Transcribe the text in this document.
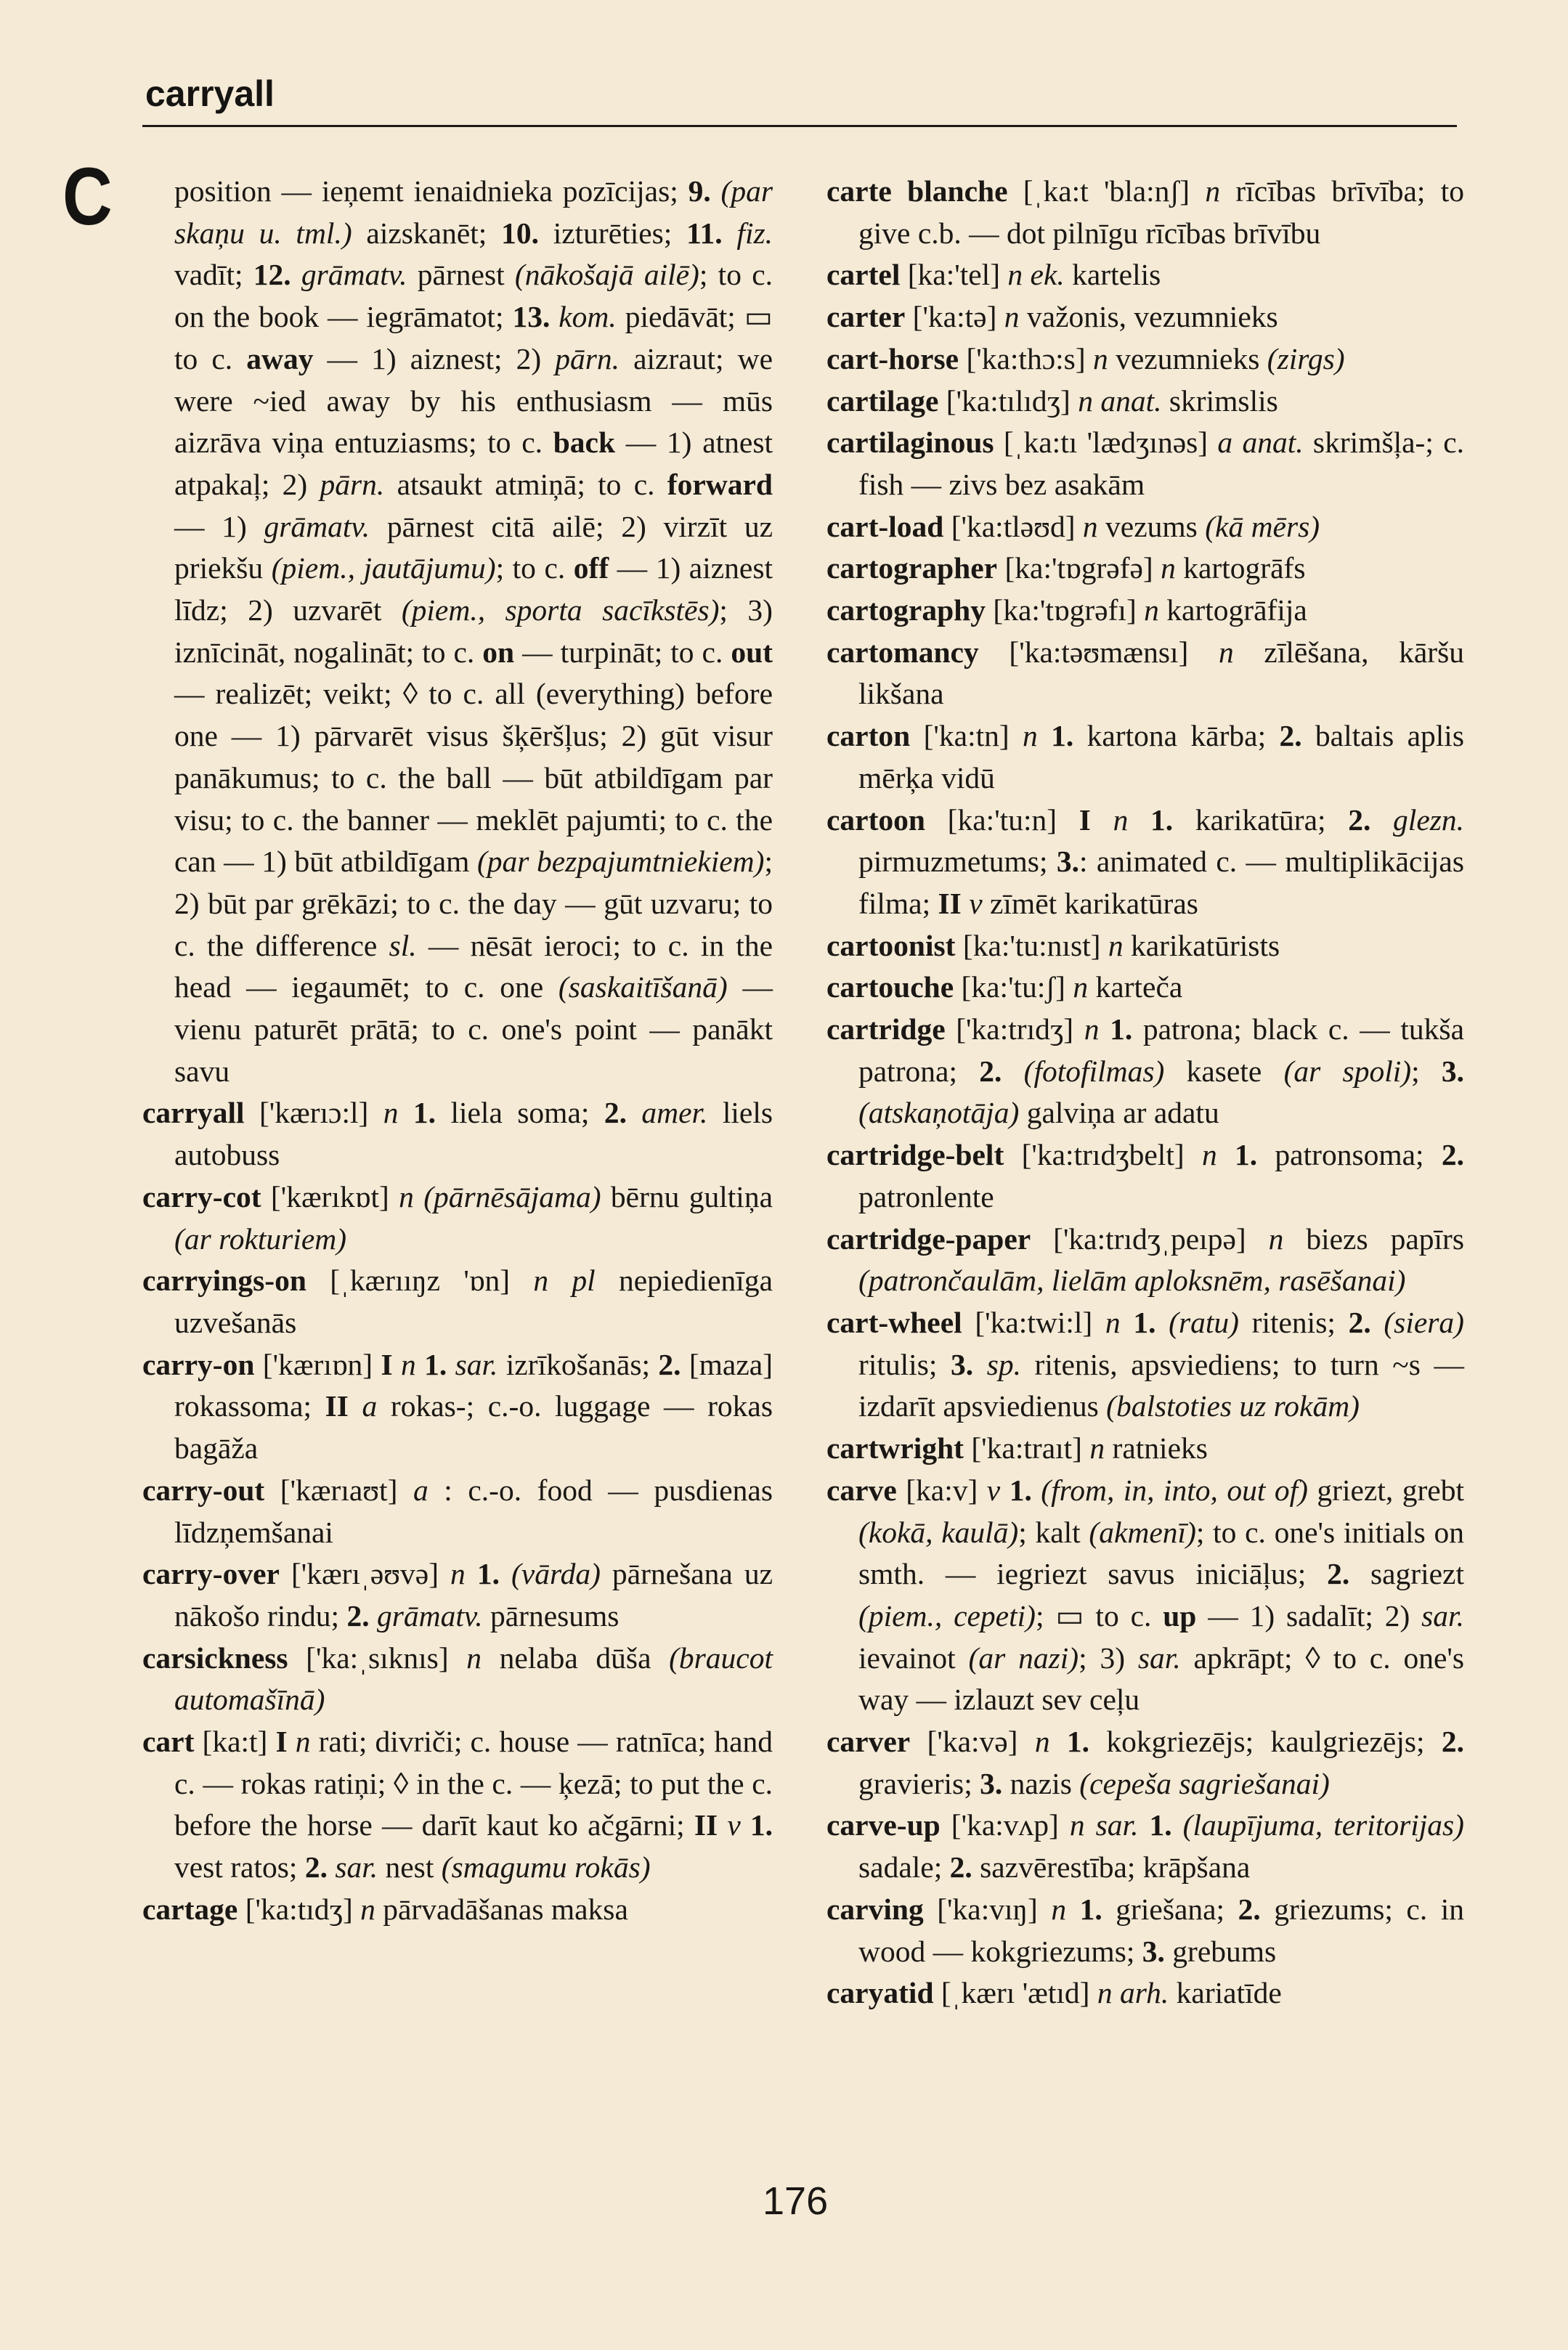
carryall
C	position — ieņemt ienaidnieka pozīcijas; 9. (par skaņu u. tml.) aizskanēt; 10. izturēties; 11. fiz. vadīt; 12. grāmatv. pārnest (nākošajā ailē); to c. on the book — iegrāmatot; 13. kom. piedāvāt; ▭ to c. away — 1) aiznest; 2) pārn. aizraut; we were ~ied away by his enthusiasm — mūs aizrāva viņa entuziasms; to c. back — 1) atnest atpakaļ; 2) pārn. atsaukt atmiņā; to c. forward — 1) grāmatv. pārnest citā ailē; 2) virzīt uz priekšu (piem., jautājumu); to c. off — 1) aiznest līdz; 2) uzvarēt (piem., sporta sacīkstēs); 3) iznīcināt, nogalināt; to c. on — turpināt; to c. out — realizēt; veikt; ◊ to c. all (everything) before one — 1) pārvarēt visus šķēršļus; 2) gūt visur panākumus; to c. the ball — būt atbildīgam par visu; to c. the banner — meklēt pajumti; to c. the can — 1) būt atbildīgam (par bezpajumtniekiem); 2) būt par grēkāzi; to c. the day — gūt uzvaru; to c. the difference sl. — nēsāt ieroci; to c. in the head — iegaumēt; to c. one (saskaitīšanā) — vienu paturēt prātā; to c. one's point — panākt savu

carryall ['kærıɔ:l] n 1. liela soma; 2. amer. liels autobuss

carry-cot ['kærıkɒt] n (pārnēsājama) bērnu gultiņa (ar rokturiem)

carryings-on [ˌkærııŋz 'ɒn] n pl nepiedienīga uzvešanās

carry-on ['kærıɒn] I n 1. sar. izrīkošanās; 2. [maza] rokassoma; II a rokas-; c.-o. luggage — rokas bagāža

carry-out ['kærıaʊt] a : c.-o. food — pusdienas līdzņemšanai

carry-over ['kærıˌəʊvə] n 1. (vārda) pārnešana uz nākošo rindu; 2. grāmatv. pārnesums

carsickness ['ka:ˌsıknıs] n nelaba dūša (braucot automašīnā)

cart [ka:t] I n rati; divriči; c. house — ratnīca; hand c. — rokas ratiņi; ◊ in the c. — ķezā; to put the c. before the horse — darīt kaut ko ačgārni; II v 1. vest ratos; 2. sar. nest (smagumu rokās)

cartage ['ka:tıdʒ] n pārvadāšanas maksa

carte blanche [ˌka:t 'bla:nʃ] n rīcības brīvība; to give c.b. — dot pilnīgu rīcības brīvību

cartel [ka:'tel] n ek. kartelis

carter ['ka:tə] n važonis, vezumnieks

cart-horse ['ka:thɔ:s] n vezumnieks (zirgs)

cartilage ['ka:tılıdʒ] n anat. skrimslis

cartilaginous [ˌka:tı 'lædʒınəs] a anat. skrimšļa-; c. fish — zivs bez asakām

cart-load ['ka:tləʊd] n vezums (kā mērs)

cartographer [ka:'tɒgrəfə] n kartogrāfs

cartography [ka:'tɒgrəfı] n kartogrāfija

cartomancy ['ka:təʊmænsı] n zīlēšana, kāršu likšana

carton ['ka:tn] n 1. kartona kārba; 2. baltais aplis mērķa vidū

cartoon [ka:'tu:n] I n 1. karikatūra; 2. glezn. pirmuzmetums; 3.: animated c. — multiplikācijas filma; II v zīmēt karikatūras

cartoonist [ka:'tu:nıst] n karikatūrists

cartouche [ka:'tu:ʃ] n karteča

cartridge ['ka:trıdʒ] n 1. patrona; black c. — tukša patrona; 2. (fotofilmas) kasete (ar spoli); 3. (atskaņotāja) galviņa ar adatu

cartridge-belt ['ka:trıdʒbelt] n 1. patronsoma; 2. patronlente

cartridge-paper ['ka:trıdʒˌpeıpə] n biezs papīrs (patrončaulām, lielām aploksnēm, rasēšanai)

cart-wheel ['ka:twi:l] n 1. (ratu) ritenis; 2. (siera) ritulis; 3. sp. ritenis, apsviediens; to turn ~s — izdarīt apsviedienus (balstoties uz rokām)

cartwright ['ka:traıt] n ratnieks

carve [ka:v] v 1. (from, in, into, out of) griezt, grebt (kokā, kaulā); kalt (akmenī); to c. one's initials on smth. — iegriezt savus iniciāļus; 2. sagriezt (piem., cepeti); ▭ to c. up — 1) sadalīt; 2) sar. ievainot (ar nazi); 3) sar. apkrāpt; ◊ to c. one's way — izlauzt sev ceļu

carver ['ka:və] n 1. kokgriezējs; kaulgriezējs; 2. gravieris; 3. nazis (cepeša sagriešanai)

carve-up ['ka:vʌp] n sar. 1. (laupījuma, teritorijas) sadale; 2. sazvērestība; krāpšana

carving ['ka:vıŋ] n 1. griešana; 2. griezums; c. in wood — kokgriezums; 3. grebums

caryatid [ˌkærı 'ætıd] n arh. kariatīde

176
